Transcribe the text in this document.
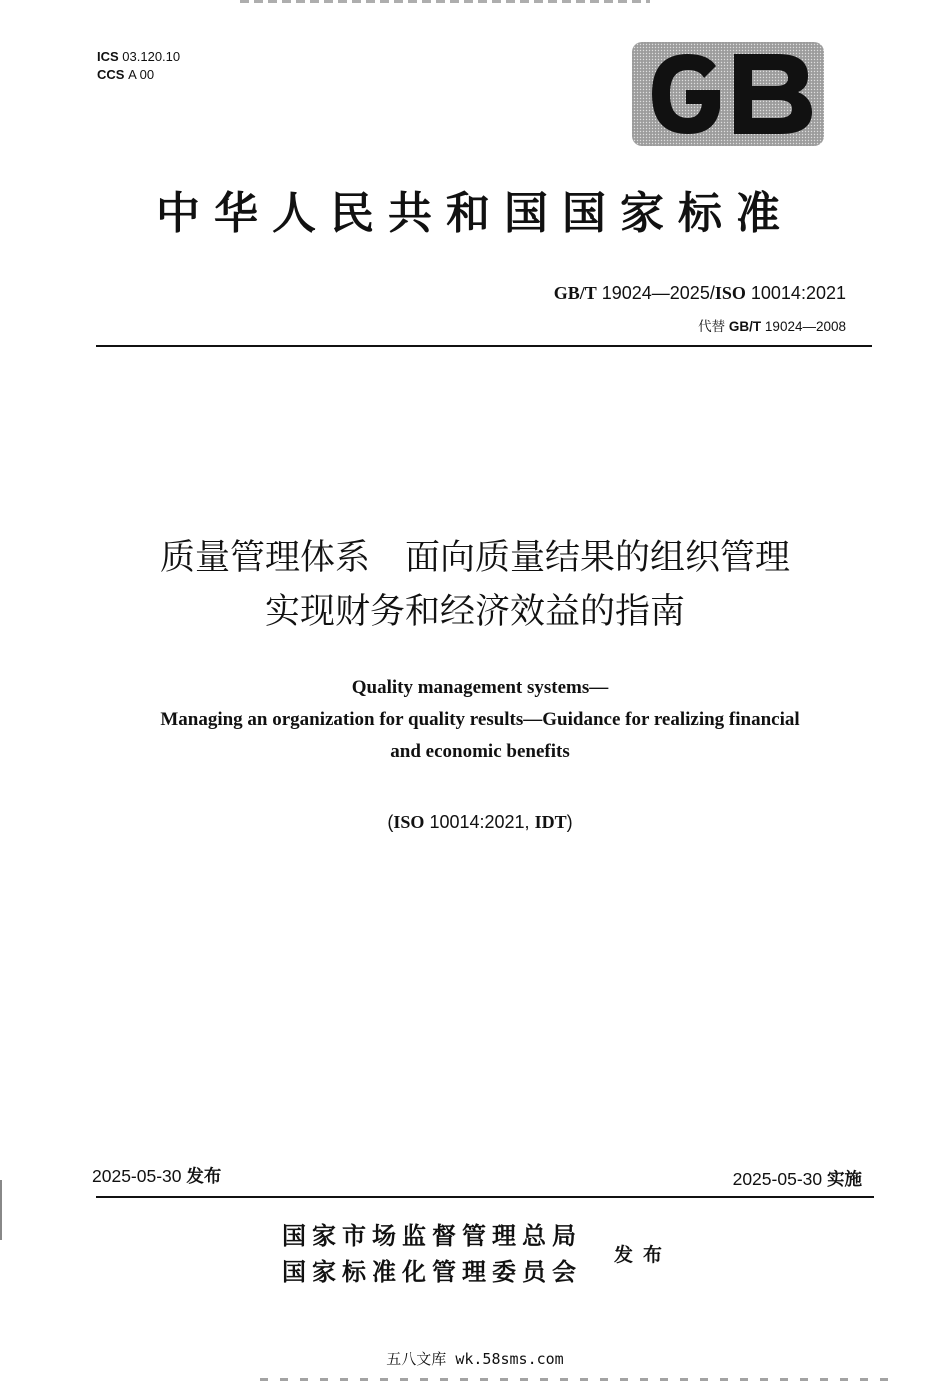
ICS 03.120.10
CCS A 00
中华人民共和国国家标准
GB/T 19024—2025/ISO 10014:2021
代替 GB/T 19024—2008
质量管理体系　面向质量结果的组织管理
实现财务和经济效益的指南
Quality management systems—
Managing an organization for quality results—Guidance for realizing financial
and economic benefits
(ISO 10014:2021, IDT)
2025-05-30 发布	2025-05-30 实施
国家市场监督管理总局
国家标准化管理委员会
发布
五八文库 wk.58sms.com
